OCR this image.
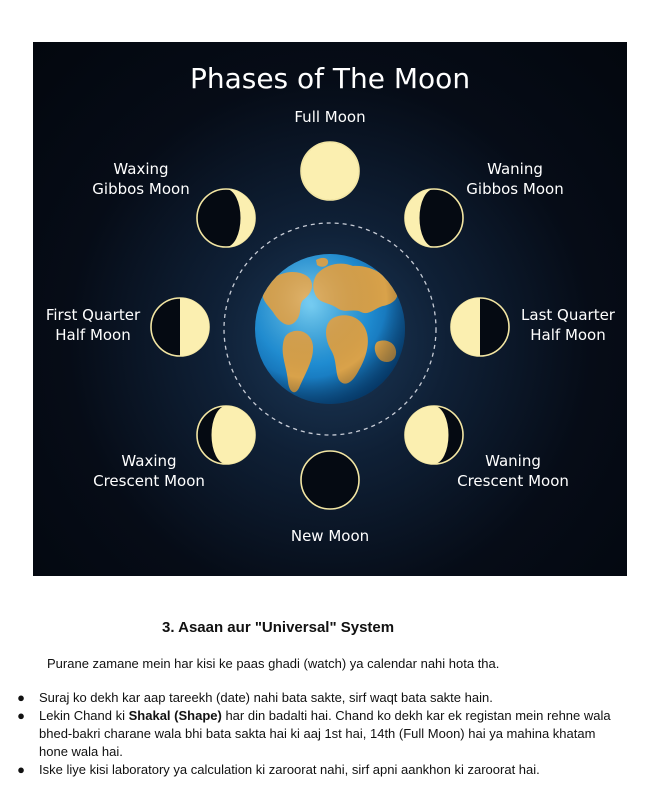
Phases of The Moon
Full Moon
Waxing
Gibbos Moon
Waning
Gibbos Moon
First Quarter
Half Moon
Last Quarter
Half Moon
Waxing
Crescent Moon
Waning
Crescent Moon
New Moon
3. Asaan aur "Universal" System

Purane zamane mein har kisi ke paas ghadi (watch) ya calendar nahi hota tha.

● Suraj ko dekh kar aap tareekh (date) nahi bata sakte, sirf waqt bata sakte hain.
● Lekin Chand ki Shakal (Shape) har din badalti hai. Chand ko dekh kar ek registan mein rehne wala bhed-bakri charane wala bhi bata sakta hai ki aaj 1st hai, 14th (Full Moon) hai ya mahina khatam hone wala hai.
● Iske liye kisi laboratory ya calculation ki zaroorat nahi, sirf apni aankhon ki zaroorat hai.
